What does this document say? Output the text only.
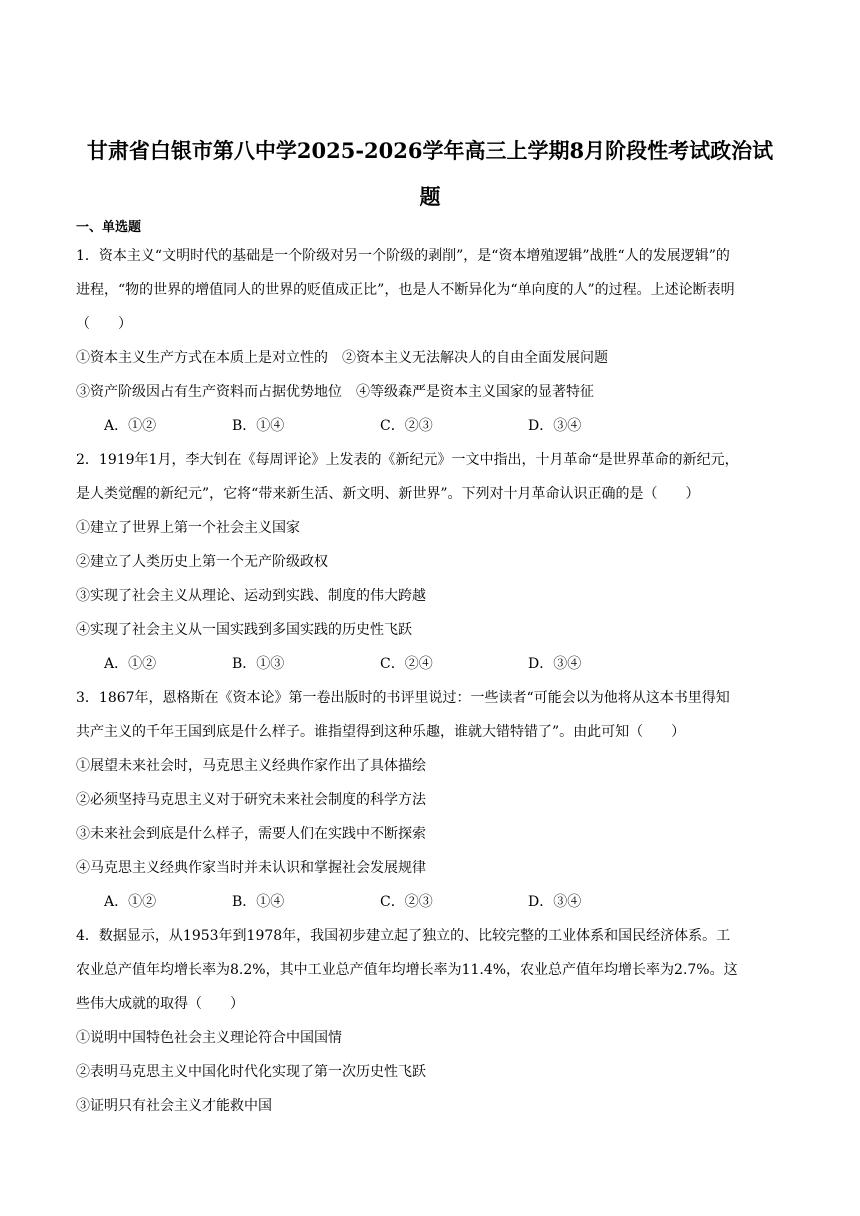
甘肃省白银市第八中学2025-2026学年高三上学期8月阶段性考试政治试
题
一、单选题
1．资本主义“文明时代的基础是一个阶级对另一个阶级的剥削”，是“资本增殖逻辑”战胜“人的发展逻辑”的
进程，“物的世界的增值同人的世界的贬值成正比”，也是人不断异化为“单向度的人”的过程。上述论断表明
（　　）
①资本主义生产方式在本质上是对立性的　②资本主义无法解决人的自由全面发展问题
③资产阶级因占有生产资料而占据优势地位　④等级森严是资本主义国家的显著特征
A．①②	B．①④	C．②③	D．③④
2．1919年1月，李大钊在《每周评论》上发表的《新纪元》一文中指出，十月革命“是世界革命的新纪元，
是人类觉醒的新纪元”，它将“带来新生活、新文明、新世界”。下列对十月革命认识正确的是（　　）
①建立了世界上第一个社会主义国家
②建立了人类历史上第一个无产阶级政权
③实现了社会主义从理论、运动到实践、制度的伟大跨越
④实现了社会主义从一国实践到多国实践的历史性飞跃
A．①②	B．①③	C．②④	D．③④
3．1867年，恩格斯在《资本论》第一卷出版时的书评里说过：一些读者“可能会以为他将从这本书里得知
共产主义的千年王国到底是什么样子。谁指望得到这种乐趣，谁就大错特错了”。由此可知（　　）
①展望未来社会时，马克思主义经典作家作出了具体描绘
②必须坚持马克思主义对于研究未来社会制度的科学方法
③未来社会到底是什么样子，需要人们在实践中不断探索
④马克思主义经典作家当时并未认识和掌握社会发展规律
A．①②	B．①④	C．②③	D．③④
4．数据显示，从1953年到1978年，我国初步建立起了独立的、比较完整的工业体系和国民经济体系。工
农业总产值年均增长率为8.2%，其中工业总产值年均增长率为11.4%，农业总产值年均增长率为2.7%。这
些伟大成就的取得（　　）
①说明中国特色社会主义理论符合中国国情
②表明马克思主义中国化时代化实现了第一次历史性飞跃
③证明只有社会主义才能救中国
